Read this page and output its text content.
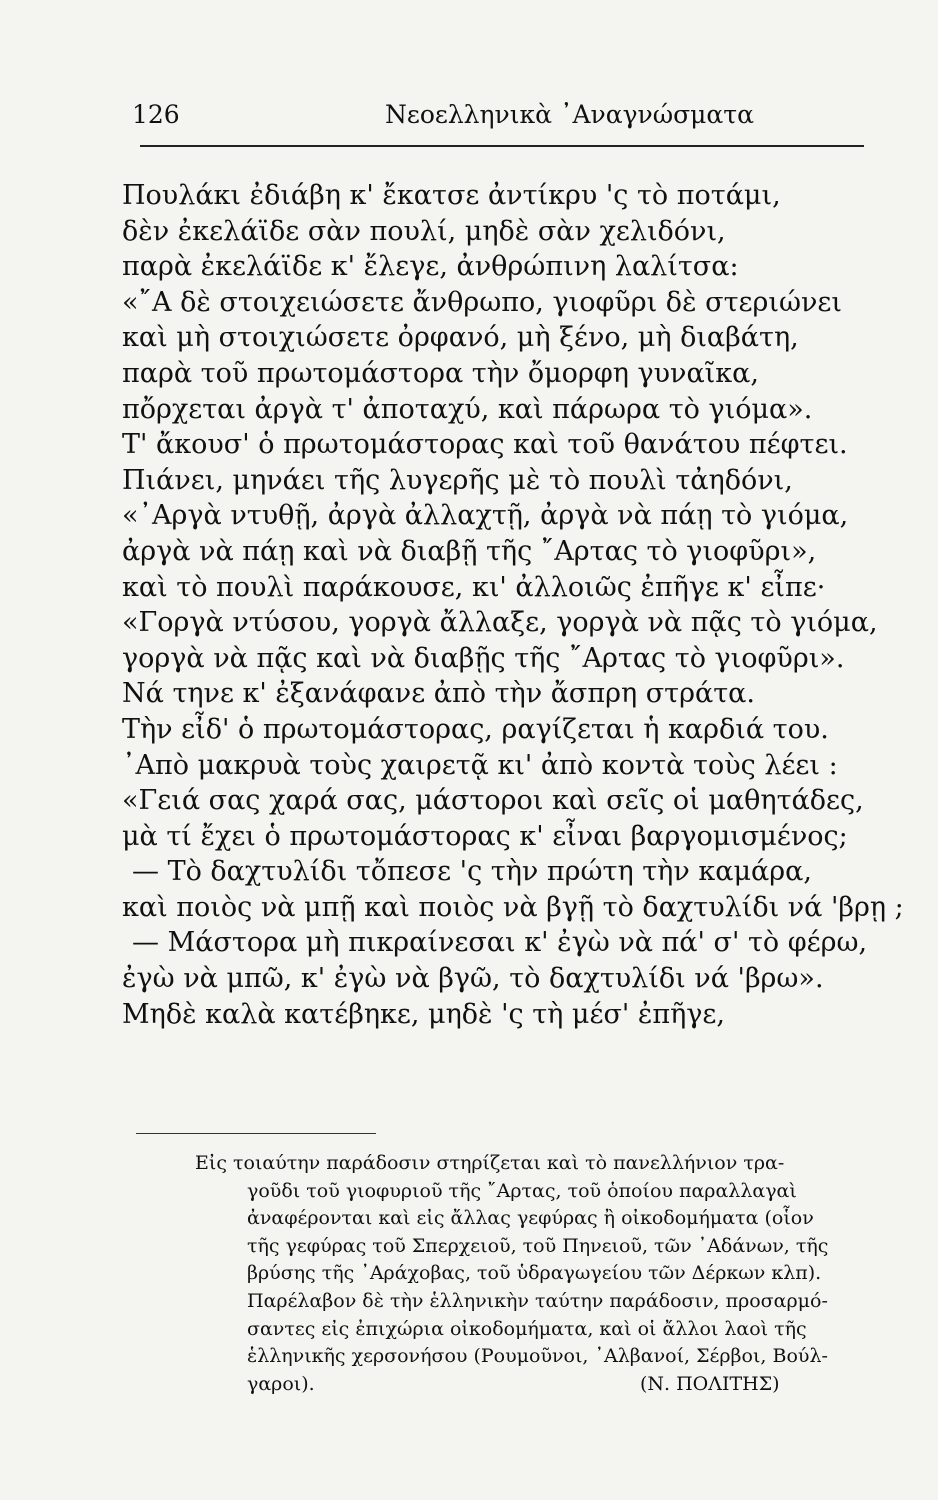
126	Νεοελληνικὰ ᾽Αναγνώσματα
Πουλάκι ἐδιάβη κ' ἔκατσε ἀντίκρυ 'ς τὸ ποτάμι,
δὲν ἐκελάϊδε σὰν πουλί, μηδὲ σὰν χελιδόνι,
παρὰ ἐκελάϊδε κ' ἔλεγε, ἀνθρώπινη λαλίτσα:
«῎Α δὲ στοιχειώσετε ἄνθρωπο, γιοφῦρι δὲ στεριώνει
καὶ μὴ στοιχιώσετε ὀρφανό, μὴ ξένο, μὴ διαβάτη,
παρὰ τοῦ πρωτομάστορα τὴν ὄμορφη γυναῖκα,
πὄρχεται ἀργὰ τ' ἀποταχύ, καὶ πάρωρα τὸ γιόμα».
Τ' ἄκουσ' ὁ πρωτομάστορας καὶ τοῦ θανάτου πέφτει.
Πιάνει, μηνάει τῆς λυγερῆς μὲ τὸ πουλὶ τἀηδόνι,
«᾽Αργὰ ντυθῇ, ἀργὰ ἀλλαχτῇ, ἀργὰ νὰ πάῃ τὸ γιόμα,
ἀργὰ νὰ πάῃ καὶ νὰ διαβῇ τῆς ῎Αρτας τὸ γιοφῦρι»,
καὶ τὸ πουλὶ παράκουσε, κι' ἀλλοιῶς ἐπῆγε κ' εἶπε·
«Γοργὰ ντύσου, γοργὰ ἄλλαξε, γοργὰ νὰ πᾷς τὸ γιόμα,
γοργὰ νὰ πᾷς καὶ νὰ διαβῇς τῆς ῎Αρτας τὸ γιοφῦρι».
Νά τηνε κ' ἐξανάφανε ἀπὸ τὴν ἄσπρη στράτα.
Τὴν εἶδ' ὁ πρωτομάστορας, ραγίζεται ἡ καρδιά του.
᾽Απὸ μακρυὰ τοὺς χαιρετᾷ κι' ἀπὸ κοντὰ τοὺς λέει :
«Γειά σας χαρά σας, μάστοροι καὶ σεῖς οἱ μαθητάδες,
μὰ τί ἔχει ὁ πρωτομάστορας κ' εἶναι βαργομισμένος;
— Τὸ δαχτυλίδι τὄπεσε 'ς τὴν πρώτη τὴν καμάρα,
καὶ ποιὸς νὰ μπῇ καὶ ποιὸς νὰ βγῇ τὸ δαχτυλίδι νά 'βρῃ ;
— Μάστορα μὴ πικραίνεσαι κ' ἐγὼ νὰ πά' σ' τὸ φέρω,
ἐγὼ νὰ μπῶ, κ' ἐγὼ νὰ βγῶ, τὸ δαχτυλίδι νά 'βρω».
Μηδὲ καλὰ κατέβηκε, μηδὲ 'ς τὴ μέσ' ἐπῆγε,
Εἰς τοιαύτην παράδοσιν στηρίζεται καὶ τὸ πανελλήνιον τρα-
γοῦδι τοῦ γιοφυριοῦ τῆς ῎Αρτας, τοῦ ὁποίου παραλλαγαὶ
ἀναφέρονται καὶ εἰς ἄλλας γεφύρας ἢ οἰκοδομήματα (οἷον
τῆς γεφύρας τοῦ Σπερχειοῦ, τοῦ Πηνειοῦ, τῶν ᾽Αδάνων, τῆς
βρύσης τῆς ᾽Αράχοβας, τοῦ ὑδραγωγείου τῶν Δέρκων κλπ).
Παρέλαβον δὲ τὴν ἑλληνικὴν ταύτην παράδοσιν, προσαρμό-
σαντες εἰς ἐπιχώρια οἰκοδομήματα, καὶ οἱ ἄλλοι λαοὶ τῆς
ἑλληνικῆς χερσονήσου (Ρουμοῦνοι, ᾽Αλβανοί, Σέρβοι, Βούλ-
γαροι).	(Ν. ΠΟΛΙΤΗΣ)
